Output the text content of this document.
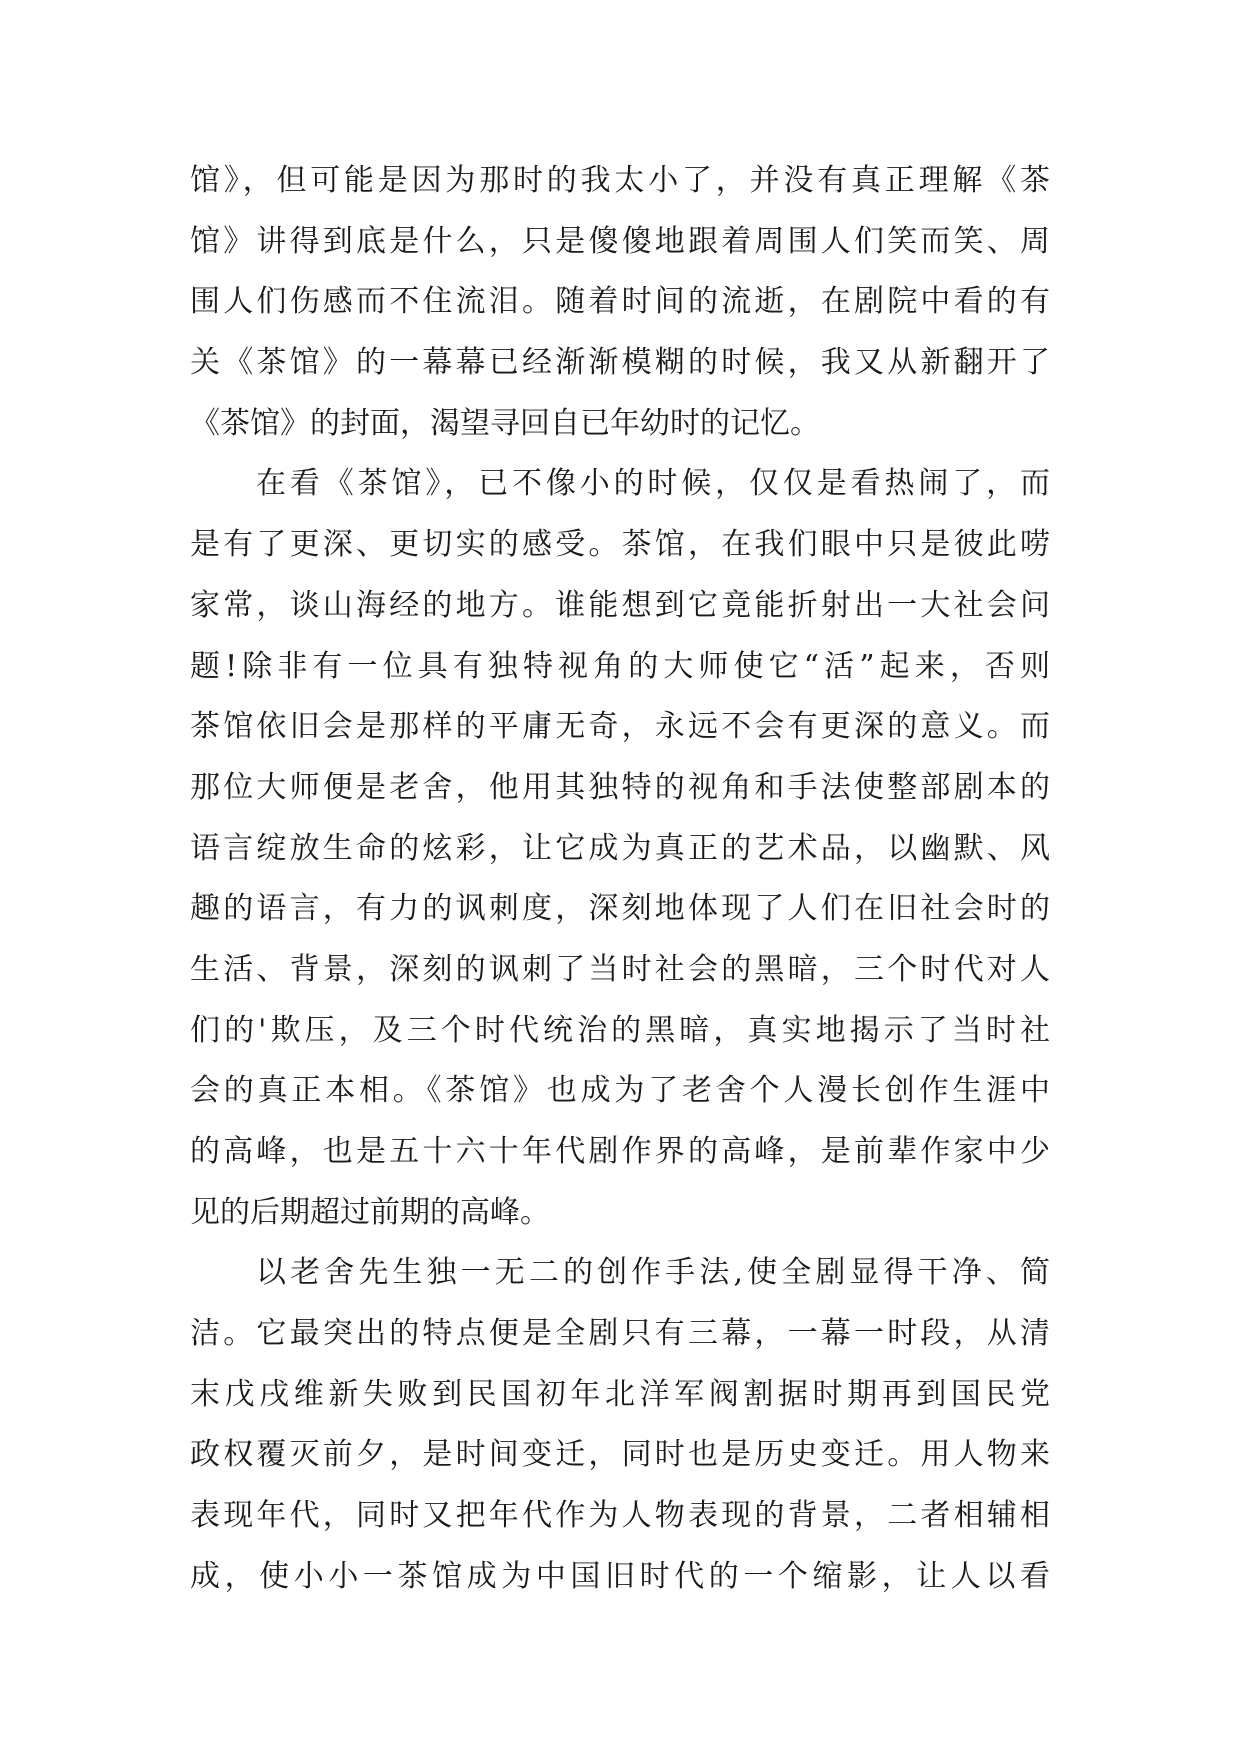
馆》，但可能是因为那时的我太小了，并没有真正理解《茶
馆》讲得到底是什么，只是傻傻地跟着周围人们笑而笑、周
围人们伤感而不住流泪。随着时间的流逝，在剧院中看的有
关《茶馆》的一幕幕已经渐渐模糊的时候，我又从新翻开了
《茶馆》的封面，渴望寻回自已年幼时的记忆。
在看《茶馆》，已不像小的时候，仅仅是看热闹了，而
是有了更深、更切实的感受。茶馆，在我们眼中只是彼此唠
家常，谈山海经的地方。谁能想到它竟能折射出一大社会问
题!除非有一位具有独特视角的大师使它“活”起来，否则
茶馆依旧会是那样的平庸无奇，永远不会有更深的意义。而
那位大师便是老舍，他用其独特的视角和手法使整部剧本的
语言绽放生命的炫彩，让它成为真正的艺术品，以幽默、风
趣的语言，有力的讽刺度，深刻地体现了人们在旧社会时的
生活、背景，深刻的讽刺了当时社会的黑暗，三个时代对人
们的'欺压，及三个时代统治的黑暗，真实地揭示了当时社
会的真正本相。《茶馆》也成为了老舍个人漫长创作生涯中
的高峰，也是五十六十年代剧作界的高峰，是前辈作家中少
见的后期超过前期的高峰。
以老舍先生独一无二的创作手法,使全剧显得干净、简
洁。它最突出的特点便是全剧只有三幕，一幕一时段，从清
末戊戌维新失败到民国初年北洋军阀割据时期再到国民党
政权覆灭前夕，是时间变迁，同时也是历史变迁。用人物来
表现年代，同时又把年代作为人物表现的背景，二者相辅相
成，使小小一茶馆成为中国旧时代的一个缩影，让人以看
